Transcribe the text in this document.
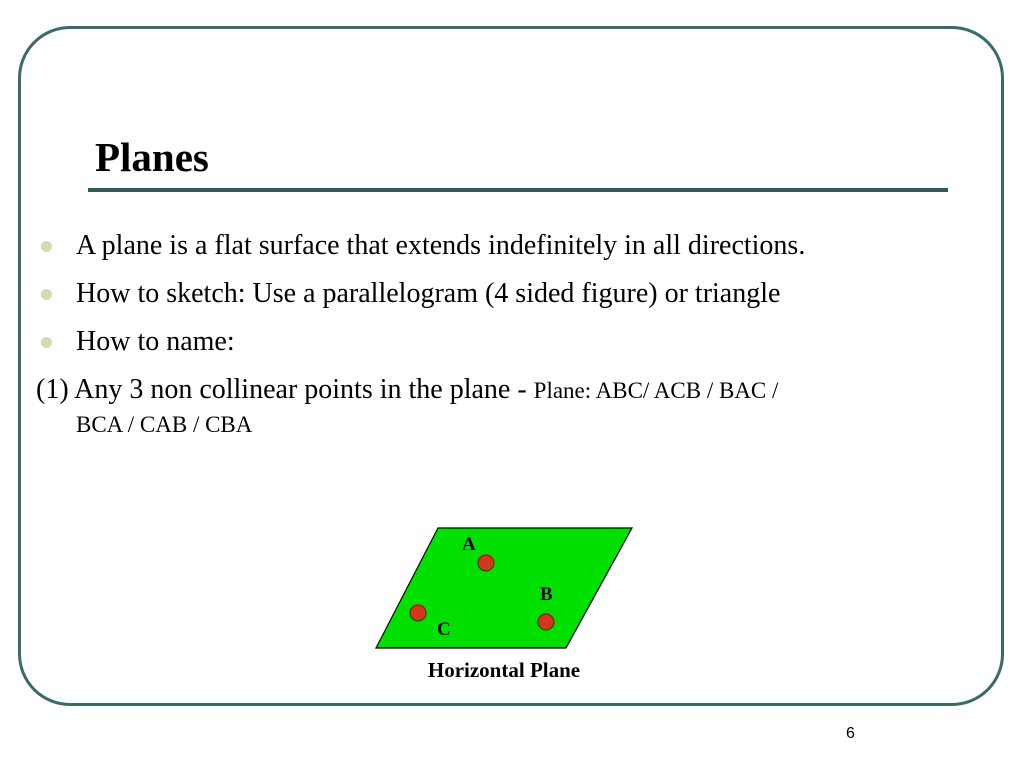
Planes
A plane is a flat surface that extends indefinitely in all directions.
How to sketch: Use a parallelogram (4 sided figure) or triangle
How to name:
(1) Any 3 non collinear points in the plane - Plane: ABC/ ACB / BAC /
BCA / CAB / CBA
A
B
C
Horizontal Plane
6
